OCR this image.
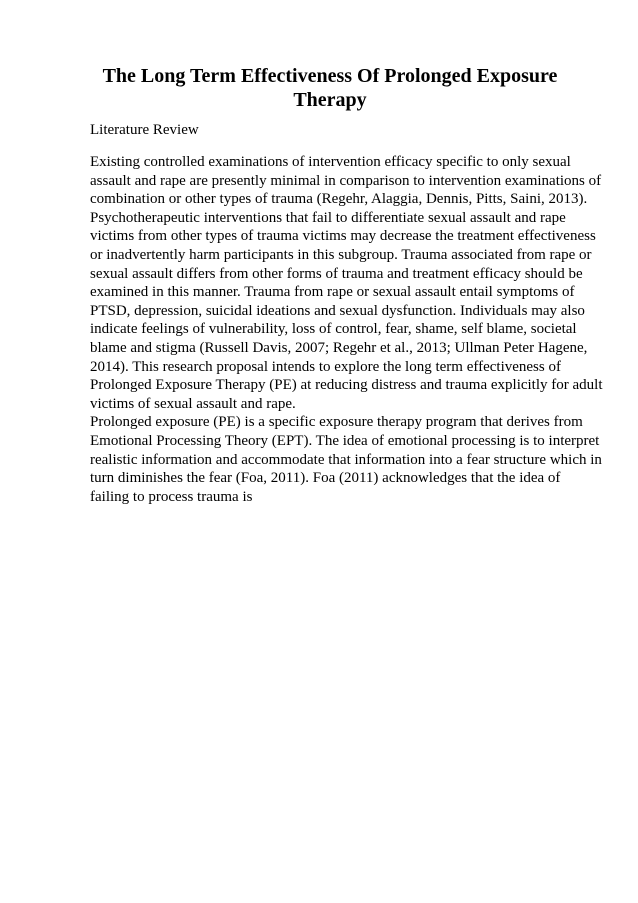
The Long Term Effectiveness Of Prolonged Exposure
Therapy
Literature Review
Existing controlled examinations of intervention efficacy specific to only sexual
assault and rape are presently minimal in comparison to intervention examinations of
combination or other types of trauma (Regehr, Alaggia, Dennis, Pitts, Saini, 2013).
Psychotherapeutic interventions that fail to differentiate sexual assault and rape
victims from other types of trauma victims may decrease the treatment effectiveness
or inadvertently harm participants in this subgroup. Trauma associated from rape or
sexual assault differs from other forms of trauma and treatment efficacy should be
examined in this manner. Trauma from rape or sexual assault entail symptoms of
PTSD, depression, suicidal ideations and sexual dysfunction. Individuals may also
indicate feelings of vulnerability, loss of control, fear, shame, self blame, societal
blame and stigma (Russell Davis, 2007; Regehr et al., 2013; Ullman Peter Hagene,
2014). This research proposal intends to explore the long term effectiveness of
Prolonged Exposure Therapy (PE) at reducing distress and trauma explicitly for adult
victims of sexual assault and rape.
Prolonged exposure (PE) is a specific exposure therapy program that derives from
Emotional Processing Theory (EPT). The idea of emotional processing is to interpret
realistic information and accommodate that information into a fear structure which in
turn diminishes the fear (Foa, 2011). Foa (2011) acknowledges that the idea of
failing to process trauma is
